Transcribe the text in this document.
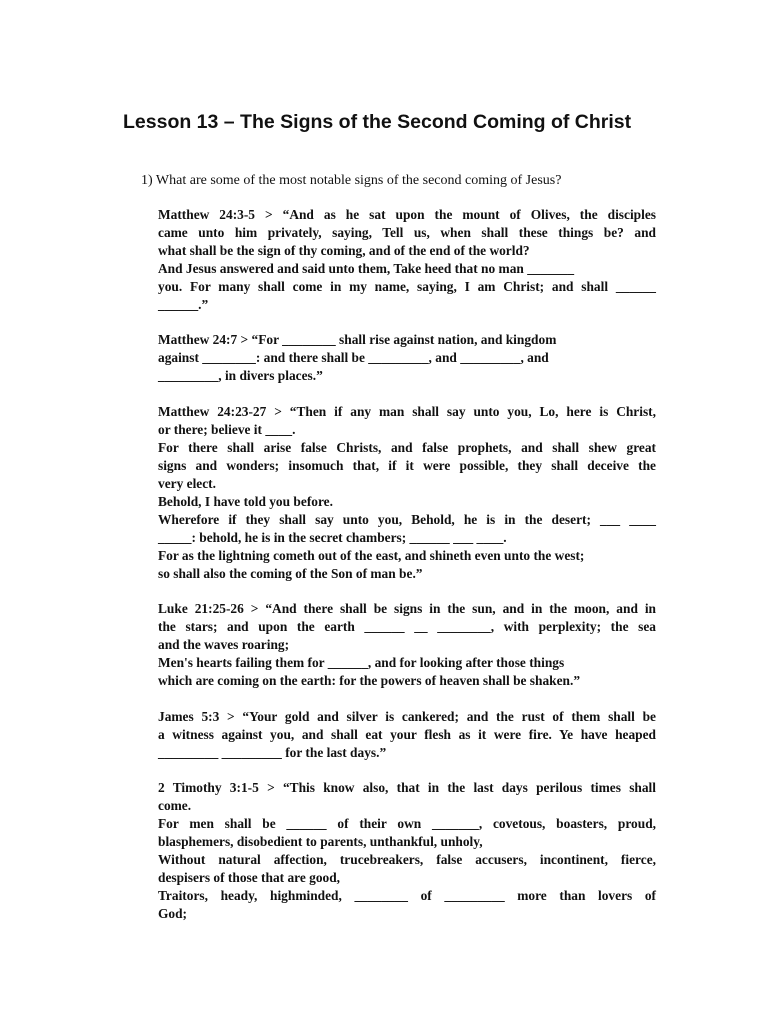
Lesson 13 – The Signs of the Second Coming of Christ

1) What are some of the most notable signs of the second coming of Jesus?

Matthew 24:3-5 > “And as he sat upon the mount of Olives, the disciples
came unto him privately, saying, Tell us, when shall these things be? and
what shall be the sign of thy coming, and of the end of the world?
And Jesus answered and said unto them, Take heed that no man _______
you. For many shall come in my name, saying, I am Christ; and shall ______
______.”
Matthew 24:7 > “For ________ shall rise against nation, and kingdom
against ________: and there shall be _________, and _________, and
_________, in divers places.”
Matthew 24:23-27 > “Then if any man shall say unto you, Lo, here is Christ,
or there; believe it ____.
For there shall arise false Christs, and false prophets, and shall shew great
signs and wonders; insomuch that, if it were possible, they shall deceive the
very elect.
Behold, I have told you before.
Wherefore if they shall say unto you, Behold, he is in the desert; ___ ____
_____: behold, he is in the secret chambers; ______ ___ ____.
For as the lightning cometh out of the east, and shineth even unto the west;
so shall also the coming of the Son of man be.”
Luke 21:25-26 > “And there shall be signs in the sun, and in the moon, and in
the stars; and upon the earth ______ __ ________, with perplexity; the sea
and the waves roaring;
Men's hearts failing them for ______, and for looking after those things
which are coming on the earth: for the powers of heaven shall be shaken.”
James 5:3 > “Your gold and silver is cankered; and the rust of them shall be
a witness against you, and shall eat your flesh as it were fire. Ye have heaped
_________ _________ for the last days.”
2 Timothy 3:1-5 > “This know also, that in the last days perilous times shall
come.
For men shall be ______ of their own _______, covetous, boasters, proud,
blasphemers, disobedient to parents, unthankful, unholy,
Without natural affection, trucebreakers, false accusers, incontinent, fierce,
despisers of those that are good,
Traitors, heady, highminded, ________ of _________ more than lovers of
God;
